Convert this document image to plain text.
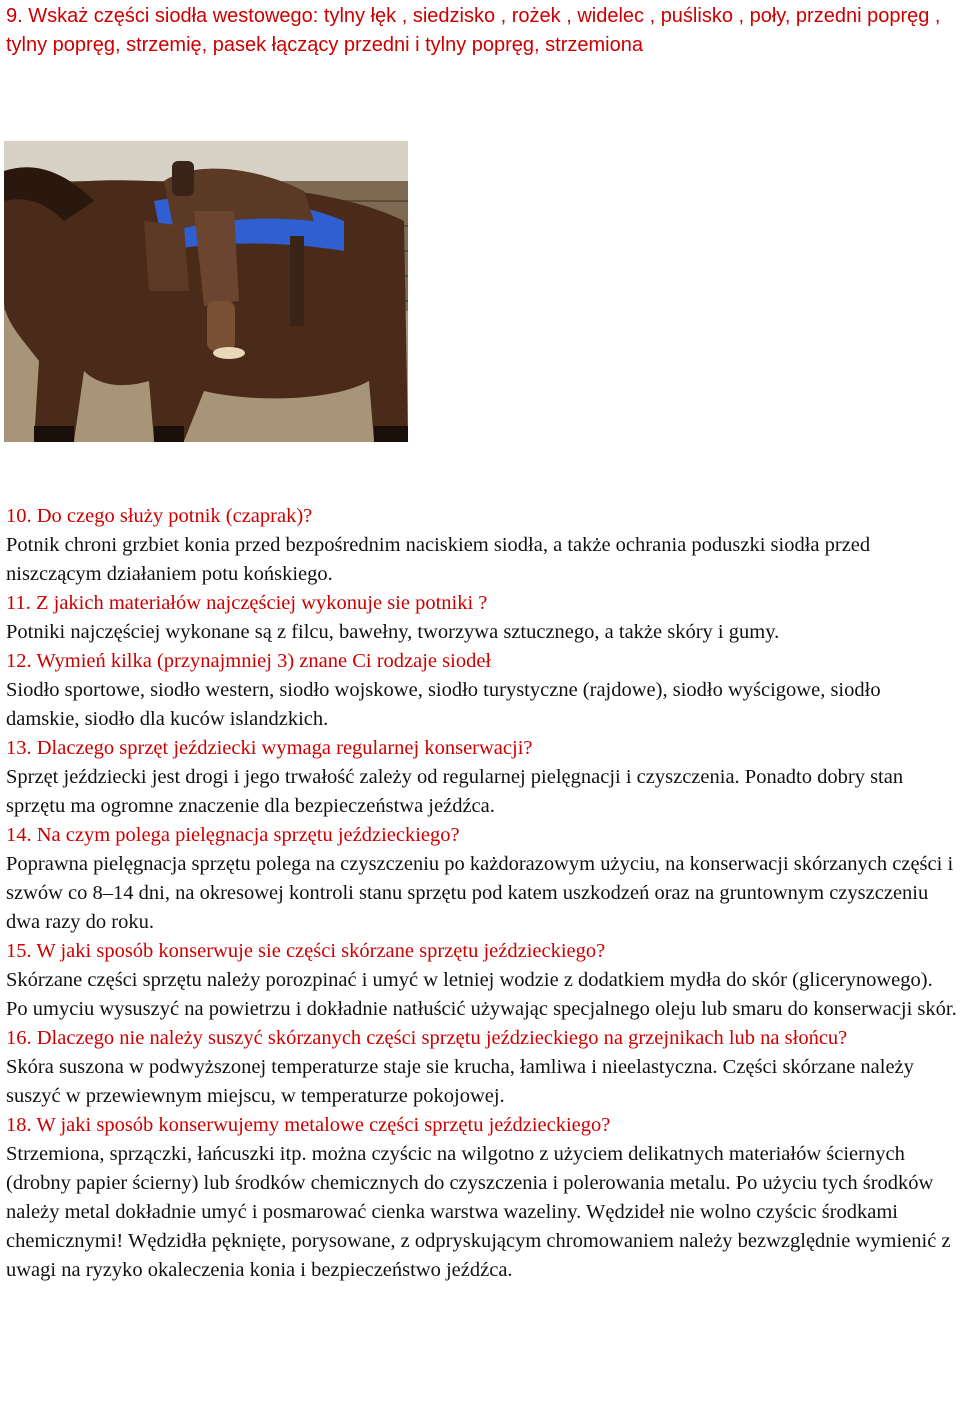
9. Wskaż części siodła westowego: tylny łęk , siedzisko , rożek , widelec , puślisko , poły, przedni popręg , tylny popręg, strzemię, pasek łączący przedni i tylny popręg, strzemiona

10. Do czego służy potnik (czaprak)?

Potnik chroni grzbiet konia przed bezpośrednim naciskiem siodła, a także ochrania poduszki siodła przed niszczącym działaniem potu końskiego.

11. Z jakich materiałów najczęściej wykonuje sie potniki ?

Potniki najczęściej wykonane są z filcu, bawełny, tworzywa sztucznego, a także skóry i gumy.

12. Wymień kilka (przynajmniej 3) znane Ci rodzaje siodeł

Siodło sportowe, siodło western, siodło wojskowe, siodło turystyczne (rajdowe), siodło wyścigowe, siodło damskie, siodło dla kuców islandzkich.

13. Dlaczego sprzęt jeździecki wymaga regularnej konserwacji?

Sprzęt jeździecki jest drogi i jego trwałość zależy od regularnej pielęgnacji i czyszczenia. Ponadto dobry stan sprzętu ma ogromne znaczenie dla bezpieczeństwa jeźdźca.

14. Na czym polega pielęgnacja sprzętu jeździeckiego?

Poprawna pielęgnacja sprzętu polega na czyszczeniu po każdorazowym użyciu, na konserwacji skórzanych części i szwów co 8–14 dni, na okresowej kontroli stanu sprzętu pod katem uszkodzeń oraz na gruntownym czyszczeniu dwa razy do roku.

15. W jaki sposób konserwuje sie części skórzane sprzętu jeździeckiego?

Skórzane części sprzętu należy porozpinać i umyć w letniej wodzie z dodatkiem mydła do skór (glicerynowego). Po umyciu wysuszyć na powietrzu i dokładnie natłuścić używając specjalnego oleju lub smaru do konserwacji skór.

16. Dlaczego nie należy suszyć skórzanych części sprzętu jeździeckiego na grzejnikach lub na słońcu?

Skóra suszona w podwyższonej temperaturze staje sie krucha, łamliwa i nieelastyczna. Części skórzane należy suszyć w przewiewnym miejscu, w temperaturze pokojowej.

18. W jaki sposób konserwujemy metalowe części sprzętu jeździeckiego?

Strzemiona, sprzączki, łańcuszki itp. można czyścic na wilgotno z użyciem delikatnych materiałów ściernych (drobny papier ścierny) lub środków chemicznych do czyszczenia i polerowania metalu. Po użyciu tych środków należy metal dokładnie umyć i posmarować cienka warstwa wazeliny. Wędzideł nie wolno czyścic środkami chemicznymi! Wędzidła pęknięte, porysowane, z odpryskującym chromowaniem należy bezwzględnie wymienić z uwagi na ryzyko okaleczenia konia i bezpieczeństwo jeźdźca.
